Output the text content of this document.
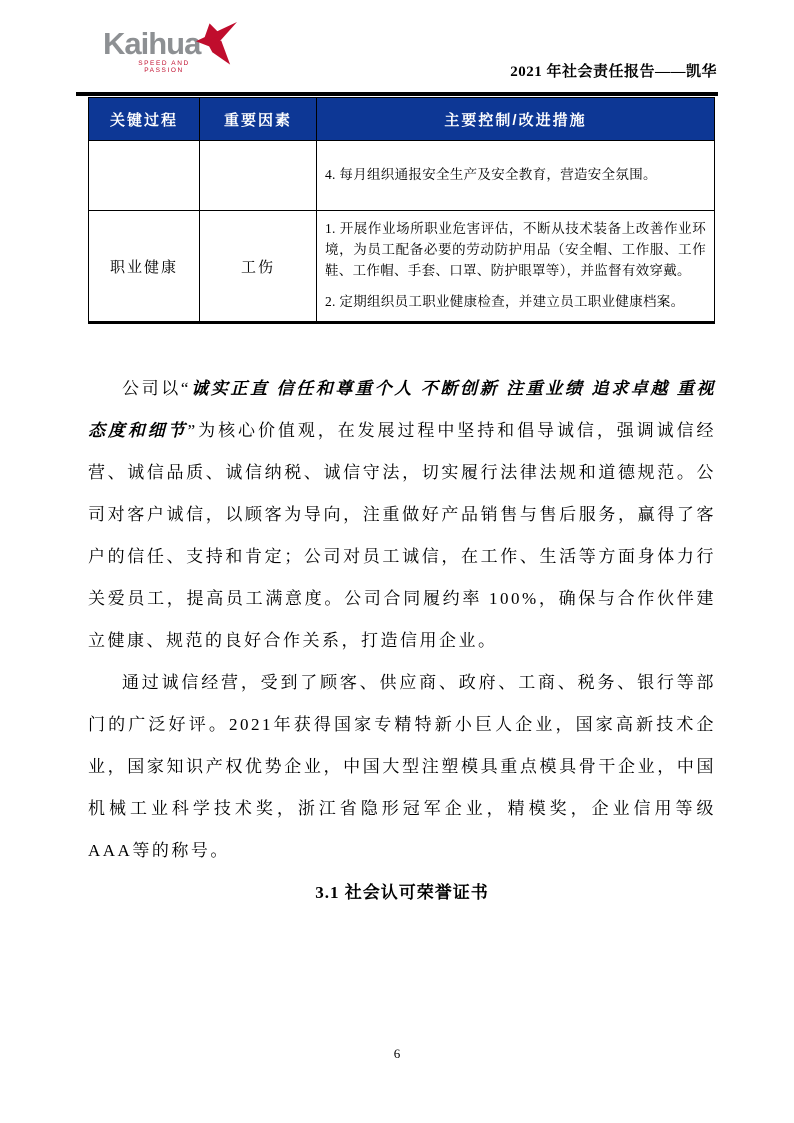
Kaihua
SPEED AND PASSION	2021 年社会责任报告——凯华
关键过程	重要因素	主要控制/改进措施

		4. 每月组织通报安全生产及安全教育，营造安全氛围。

职业健康	工伤	1. 开展作业场所职业危害评估，不断从技术装备上改善作业环境，为员工配备必要的劳动防护用品（安全帽、工作服、工作鞋、工作帽、手套、口罩、防护眼罩等），并监督有效穿戴。

2. 定期组织员工职业健康检查，并建立员工职业健康档案。

公司以“诚实正直 信任和尊重个人 不断创新 注重业绩 追求卓越 重视态度和细节”为核心价值观，在发展过程中坚持和倡导诚信，强调诚信经营、诚信品质、诚信纳税、诚信守法，切实履行法律法规和道德规范。公司对客户诚信，以顾客为导向，注重做好产品销售与售后服务，赢得了客户的信任、支持和肯定；公司对员工诚信，在工作、生活等方面身体力行关爱员工，提高员工满意度。公司合同履约率 100%，确保与合作伙伴建立健康、规范的良好合作关系，打造信用企业。

通过诚信经营，受到了顾客、供应商、政府、工商、税务、银行等部门的广泛好评。2021年获得国家专精特新小巨人企业，国家高新技术企业，国家知识产权优势企业，中国大型注塑模具重点模具骨干企业，中国机械工业科学技术奖，浙江省隐形冠军企业，精模奖，企业信用等级AAA等的称号。

3.1 社会认可荣誉证书

6
